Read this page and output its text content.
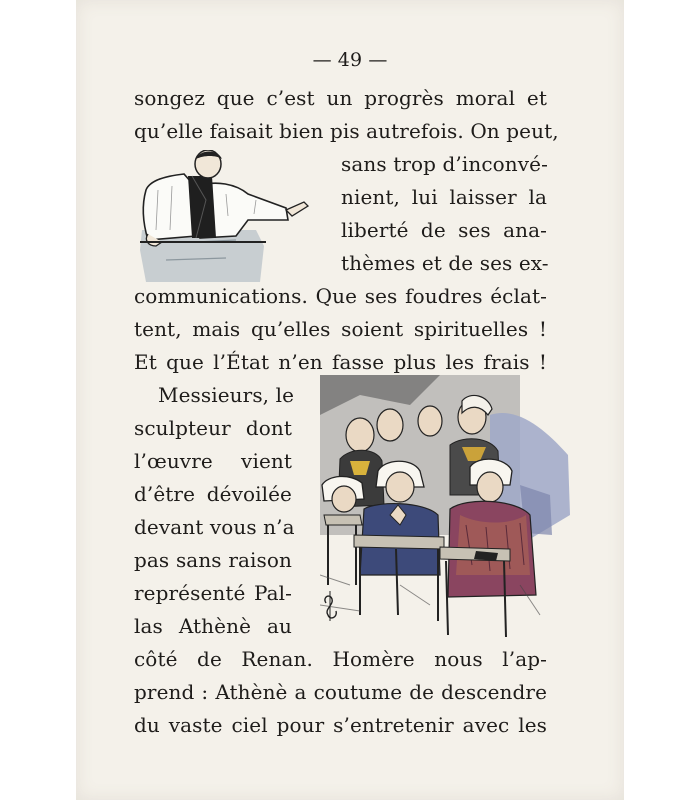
— 49 —
songez que c’est un progrès moral et
qu’elle faisait bien pis autrefois. On peut,
sans trop d’inconvé-
nient, lui laisser la
liberté de ses ana-
thèmes et de ses ex-
communications. Que ses foudres éclat-
tent, mais qu’elles soient spirituelles !
Et que l’État n’en fasse plus les frais !
Messieurs, le
sculpteur dont
l’œuvre vient
d’être dévoilée
devant vous n’a
pas sans raison
représenté Pal-
las Athènè au
côté de Renan. Homère nous l’ap-
prend : Athènè a coutume de descendre
du vaste ciel pour s’entretenir avec les
